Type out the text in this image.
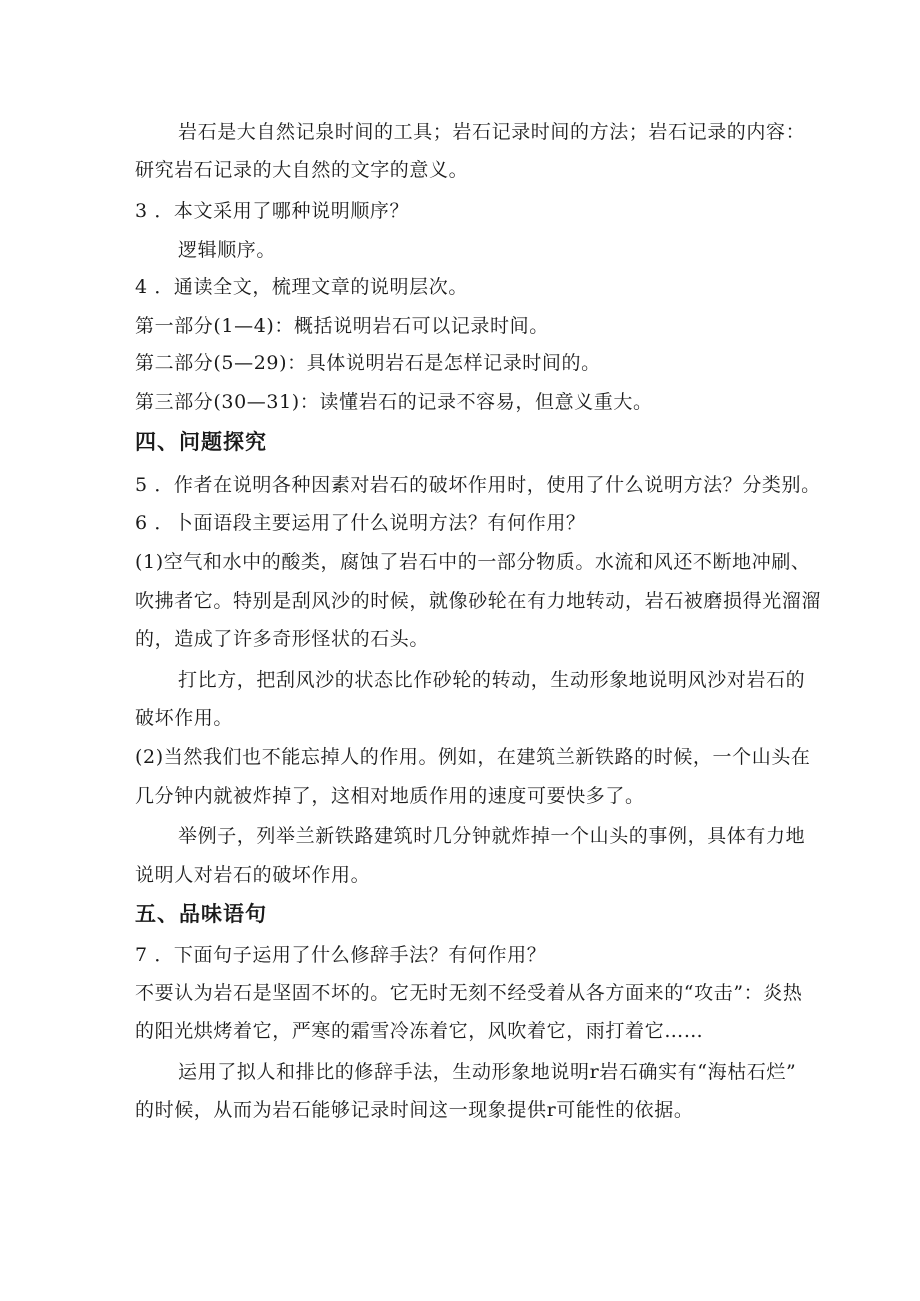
岩石是大自然记泉时间的工具；岩石记录时间的方法；岩石记录的内容：
研究岩石记录的大自然的文字的意义。
3 ．本文采用了哪种说明顺序？
逻辑顺序。
4 ．通读全文，梳理文章的说明层次。
第一部分(1—4)：概括说明岩石可以记录时间。
第二部分(5—29)：具体说明岩石是怎样记录时间的。
第三部分(30—31)：读懂岩石的记录不容易，但意义重大。
四、问题探究
5 ．作者在说明各种因素对岩石的破坏作用时，使用了什么说明方法？分类别。
6 ．卜面语段主要运用了什么说明方法？有何作用？
(1)空气和水中的酸类，腐蚀了岩石中的一部分物质。水流和风还不断地冲刷、
吹拂者它。特别是刮风沙的时候，就像砂轮在有力地转动，岩石被磨损得光溜溜
的，造成了许多奇形怪状的石头。
打比方，把刮风沙的状态比作砂轮的转动，生动形象地说明风沙对岩石的
破坏作用。
(2)当然我们也不能忘掉人的作用。例如，在建筑兰新铁路的时候，一个山头在
几分钟内就被炸掉了，这相对地质作用的速度可要快多了。
举例子，列举兰新铁路建筑时几分钟就炸掉一个山头的事例，具体有力地
说明人对岩石的破坏作用。
五、品味语句
7 ．下面句子运用了什么修辞手法？有何作用？
不要认为岩石是坚固不坏的。它无时无刻不经受着从各方面来的“攻击”：炎热
的阳光烘烤着它，严寒的霜雪冷冻着它，风吹着它，雨打着它……
运用了拟人和排比的修辞手法，生动形象地说明r岩石确实有“海枯石烂”
的时候，从而为岩石能够记录时间这一现象提供r可能性的依据。
